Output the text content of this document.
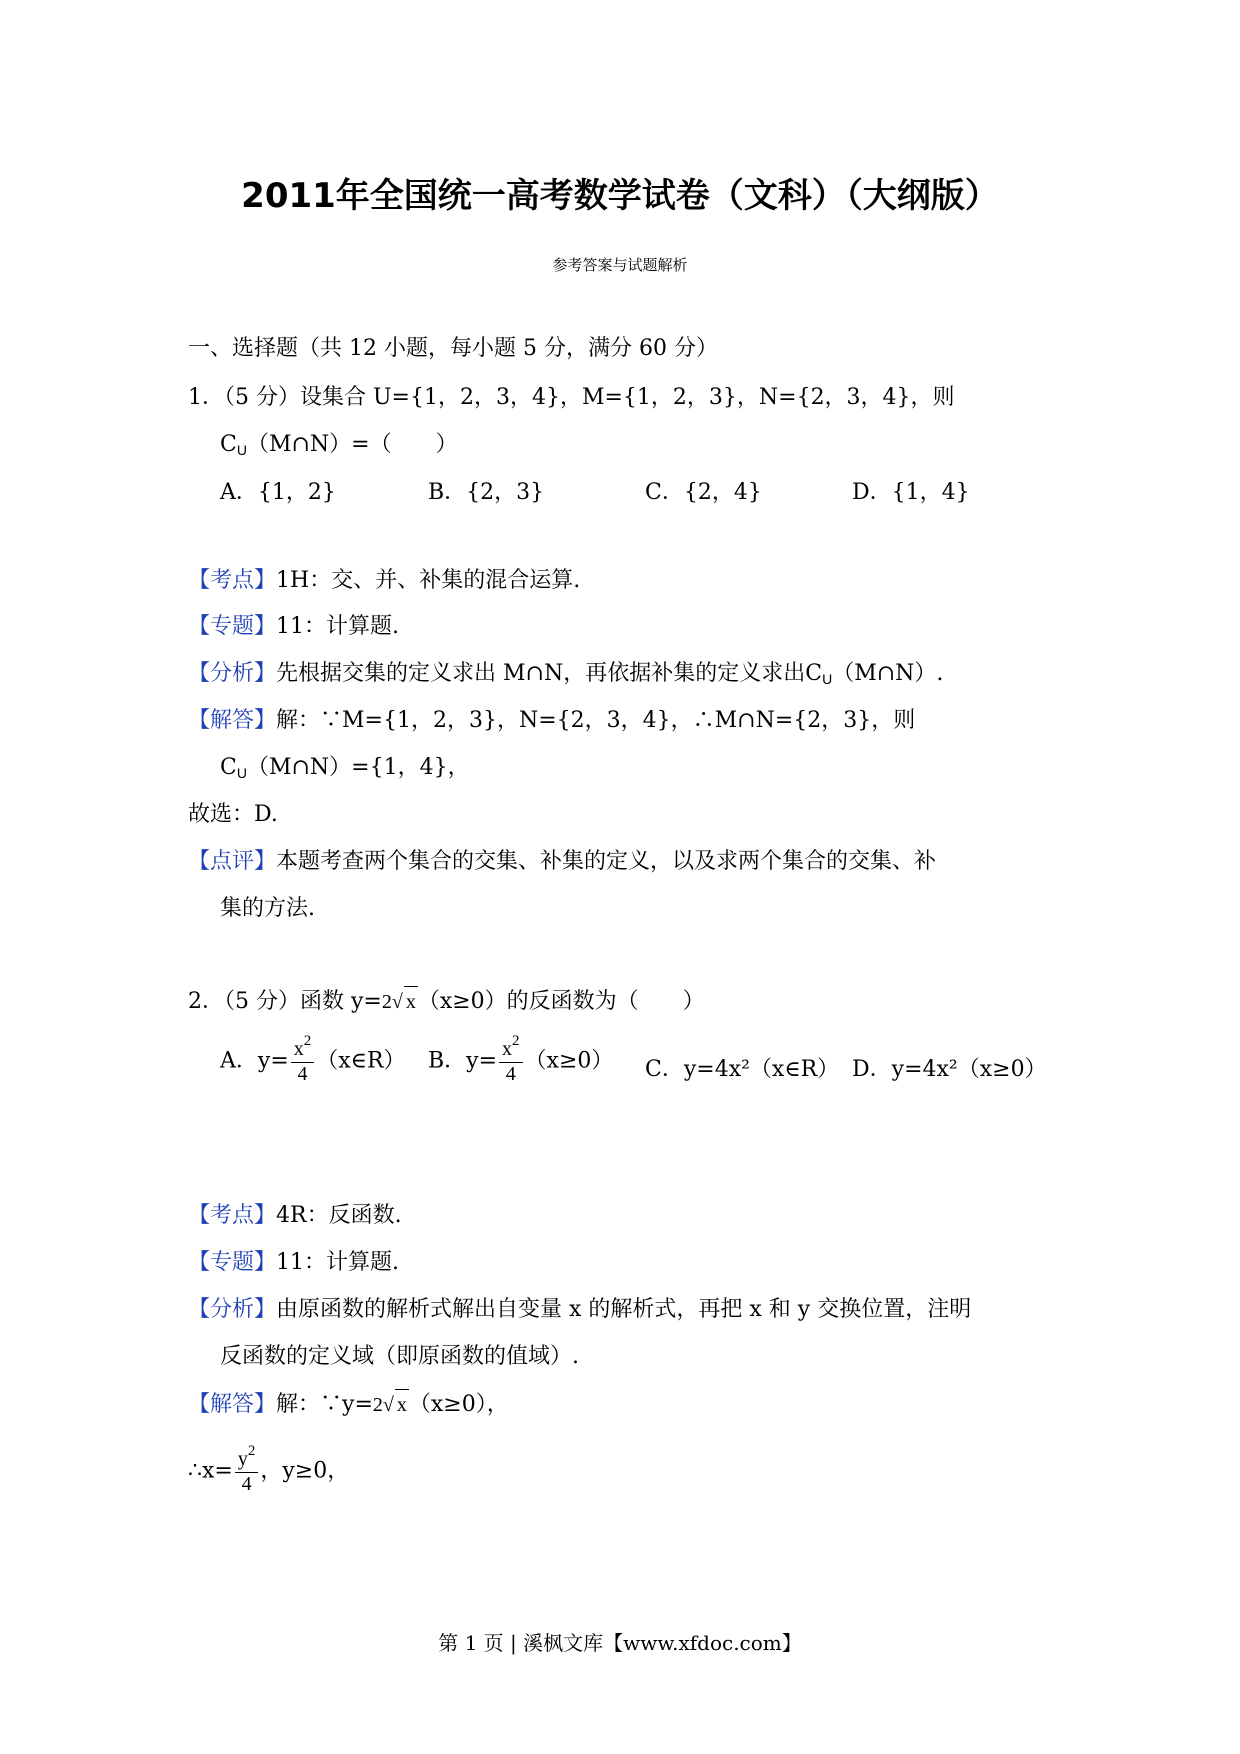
2011年全国统一高考数学试卷（文科）（大纲版）
参考答案与试题解析
一、选择题（共 12 小题，每小题 5 分，满分 60 分）
1．（5 分）设集合 U={1，2，3，4}，M={1，2，3}，N={2，3，4}，则
$C_U(M\cap N)=$（　　）
A．{1，2}	B．{2，3}	C．{2，4}	D．{1，4}
【考点】1H：交、并、补集的混合运算.
【专题】11：计算题.
【分析】先根据交集的定义求出 M∩N，再依据补集的定义求出$C_U(M\cap N)$.
【解答】解：∵M={1，2，3}，N={2，3，4}，∴M∩N={2，3}，则
$C_U(M\cap N)=\{1$，4}，
故选：D.
【点评】本题考查两个集合的交集、补集的定义，以及求两个集合的交集、补
集的方法.
2．（5 分）函数 y=2√ x（x≥0）的反函数为（　　）
A．$y= \frac{x^2}{4}$ （x∈R） B．$y= \frac{x^2}{4} (x\ge 0)$ C．y=4x²（x∈R） D．y=4x²（x≥0）
【考点】4R：反函数.
【专题】11：计算题.
【分析】由原函数的解析式解出自变量 x 的解析式，再把 x 和 y 交换位置，注明
反函数的定义域（即原函数的值域）.
【解答】解：∵y=2√ x（x≥0），
∴x= $\frac{y^2}{4}$ ，y≥0，
第 1 页 | 溪枫文库【www.xfdoc.com】
